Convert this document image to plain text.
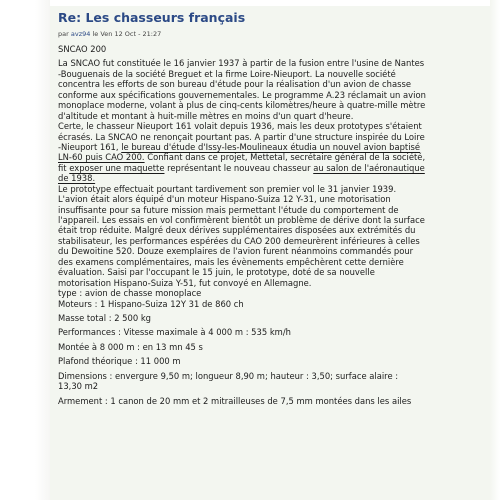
Re: Les chasseurs français
par avz94 le Ven 12 Oct - 21:27
SNCAO 200
La SNCAO fut constituée le 16 janvier 1937 à partir de la fusion entre l'usine de Nantes
-Bouguenais de la société Breguet et la firme Loire-Nieuport. La nouvelle société
concentra les efforts de son bureau d'étude pour la réalisation d'un avion de chasse
conforme aux spécifications gouvernementales. Le programme A.23 réclamait un avion
monoplace moderne, volant à plus de cinq-cents kilomètres/heure à quatre-mille mètre
d'altitude et montant à huit-mille mètres en moins d'un quart d'heure.
Certe, le chasseur Nieuport 161 volait depuis 1936, mais les deux prototypes s'étaient
écrasés. La SNCAO ne renonçait pourtant pas. A partir d'une structure inspirée du Loire
-Nieuport 161, le bureau d'étude d'Issy-les-Moulineaux étudia un nouvel avion baptisé
LN-60 puis CAO 200. Confiant dans ce projet, Mettetal, secrétaire général de la société,
fit exposer une maquette représentant le nouveau chasseur au salon de l'aéronautique
de 1938.
Le prototype effectuait pourtant tardivement son premier vol le 31 janvier 1939.
L'avion était alors équipé d'un moteur Hispano-Suiza 12 Y-31, une motorisation
insuffisante pour sa future mission mais permettant l'étude du comportement de
l'appareil. Les essais en vol confirmèrent bientôt un problème de dérive dont la surface
était trop réduite. Malgré deux dérives supplémentaires disposées aux extrémités du
stabilisateur, les performances espérées du CAO 200 demeurèrent inférieures à celles
du Dewoitine 520. Douze exemplaires de l'avion furent néanmoins commandés pour
des examens complémentaires, mais les évènements empêchèrent cette dernière
évaluation. Saisi par l'occupant le 15 juin, le prototype, doté de sa nouvelle
motorisation Hispano-Suiza Y-51, fut convoyé en Allemagne.
type : avion de chasse monoplace
Moteurs : 1 Hispano-Suiza 12Y 31 de 860 ch
Masse total : 2 500 kg
Performances : Vitesse maximale à 4 000 m : 535 km/h
Montée à 8 000 m : en 13 mn 45 s
Plafond théorique : 11 000 m
Dimensions : envergure 9,50 m; longueur 8,90 m; hauteur : 3,50; surface alaire :
13,30 m2
Armement : 1 canon de 20 mm et 2 mitrailleuses de 7,5 mm montées dans les ailes
